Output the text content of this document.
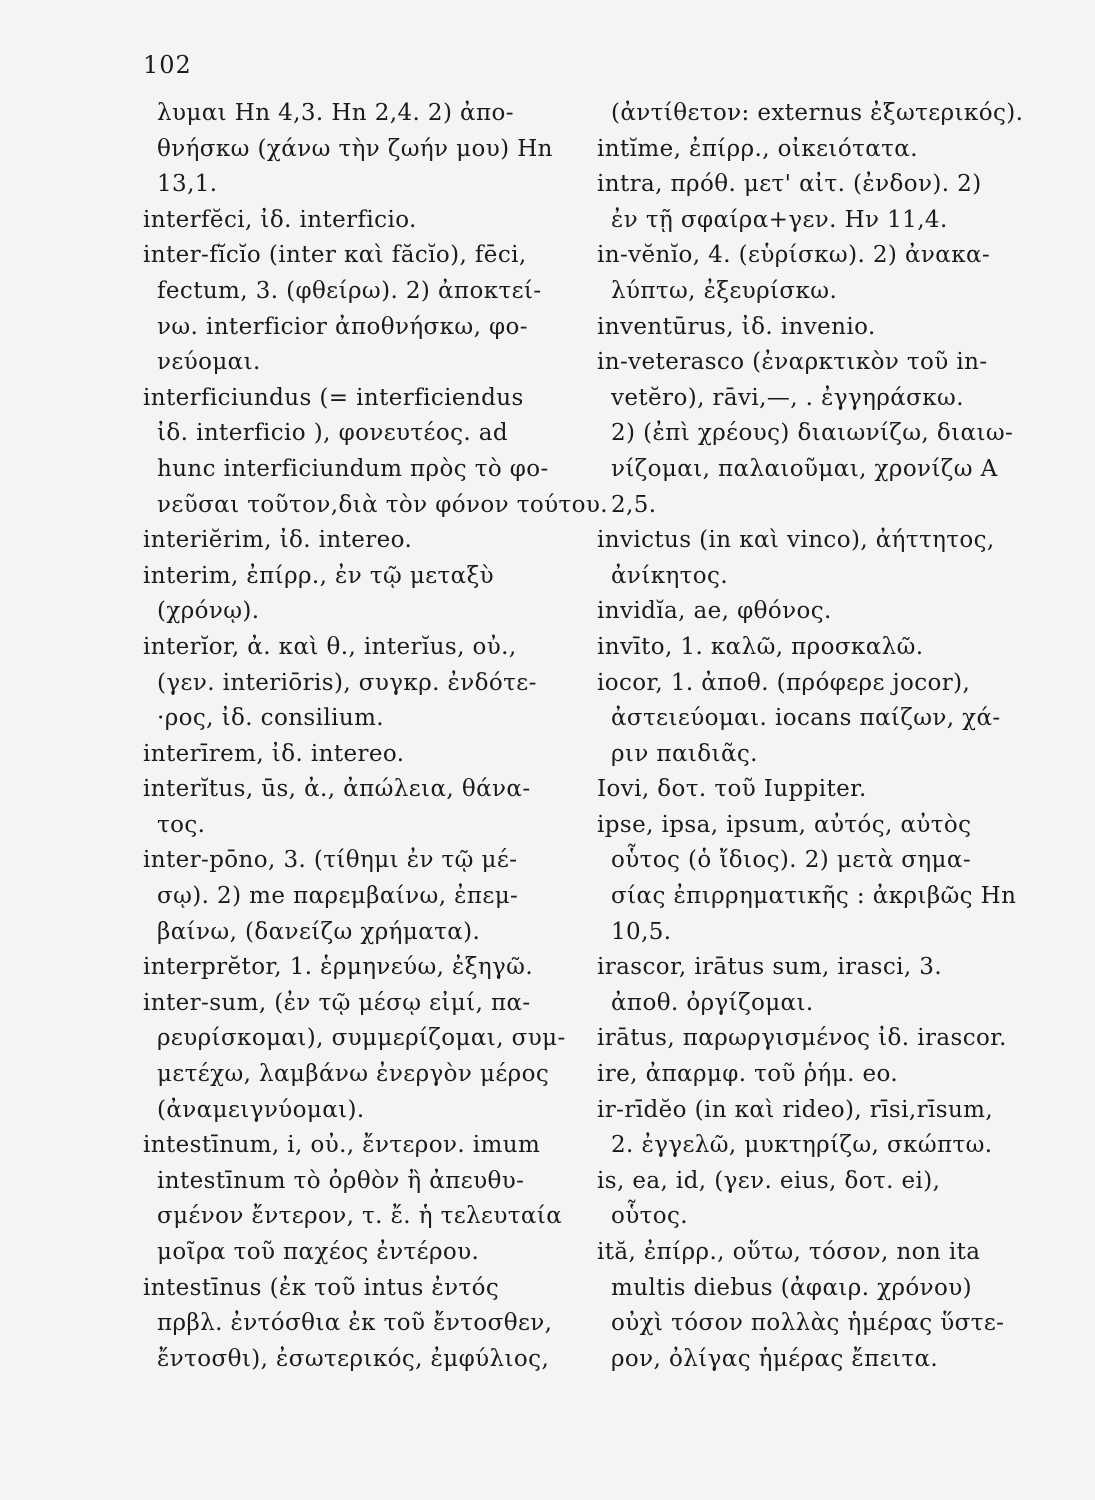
102
λυμαι Hn 4,3. Hn 2,4. 2) ἀπο-
θνήσκω (χάνω τὴν ζωήν μου) Hn
13,1.
interfĕci, ἰδ. interficio.
inter-fĭcĭo (inter καὶ făcĭo), fēci,
fectum, 3. (φθείρω). 2) ἀποκτεί-
νω. interficior ἀποθνήσκω, φο-
νεύομαι.
interficiundus (= interficiendus
ἰδ. interficio ), φονευτέος. ad
hunc interficiundum πρὸς τὸ φο-
νεῦσαι τοῦτον,διὰ τὸν φόνον τούτου.
interiĕrim, ἰδ. intereo.
interim, ἐπίρρ., ἐν τῷ μεταξὺ
(χρόνῳ).
interĭor, ἀ. καὶ θ., interĭus, οὐ.,
(γεν. interiōris), συγκρ. ἐνδότε-
·ρος, ἰδ. consilium.
interīrem, ἰδ. intereo.
interĭtus, ūs, ἀ., ἀπώλεια, θάνα-
τος.
inter-pōno, 3. (τίθημι ἐν τῷ μέ-
σῳ). 2) me παρεμβαίνω, ἐπεμ-
βαίνω, (δανείζω χρήματα).
interprĕtor, 1. ἑρμηνεύω, ἐξηγῶ.
inter-sum, (ἐν τῷ μέσῳ εἰμί, πα-
ρευρίσκομαι), συμμερίζομαι, συμ-
μετέχω, λαμβάνω ἐνεργὸν μέρος
(ἀναμειγνύομαι).
intestīnum, i, οὐ., ἔντερον. imum
intestīnum τὸ ὀρθὸν ἢ ἀπευθυ-
σμένον ἔντερον, τ. ἔ. ἡ τελευταία
μοῖρα τοῦ παχέος ἐντέρου.
intestīnus (ἐκ τοῦ intus ἐντός
πρβλ. ἐντόσθια ἐκ τοῦ ἔντοσθεν,
ἔντοσθι), ἐσωτερικός, ἐμφύλιος,
(ἀντίθετον: externus ἐξωτερικός).
intĭme, ἐπίρρ., οἰκειότατα.
intra, πρόθ. μετ' αἰτ. (ἐνδον). 2)
ἐν τῇ σφαίρα+γεν. Hν 11,4.
in-vĕnĭo, 4. (εὑρίσκω). 2) ἀνακα-
λύπτω, ἐξευρίσκω.
inventūrus, ἰδ. invenio.
in-veterasco (ἐναρκτικὸν τοῦ in-
vetĕro), rāvi,—, . ἐγγηράσκω.
2) (ἐπὶ χρέους) διαιωνίζω, διαιω-
νίζομαι, παλαιοῦμαι, χρονίζω A
2,5.
invictus (in καὶ vinco), ἀήττητος,
ἀνίκητος.
invidĭa, ae, φθόνος.
invīto, 1. καλῶ, προσκαλῶ.
iocor, 1. ἀποθ. (πρόφερε jocor),
ἀστειεύομαι. iocans παίζων, χά-
ριν παιδιᾶς.
Iovi, δοτ. τοῦ Iuppiter.
ipse, ipsa, ipsum, αὐτός, αὐτὸς
οὗτος (ὁ ἴδιος). 2) μετὰ σημα-
σίας ἐπιρρηματικῆς : ἀκριβῶς Hn
10,5.
irascor, irātus sum, irasci, 3.
ἀποθ. ὀργίζομαι.
irātus, παρωργισμένος ἰδ. irascor.
ire, ἀπαρμφ. τοῦ ῥήμ. eo.
ir-rīdĕo (in καὶ rideo), rīsi,rīsum,
2. ἐγγελῶ, μυκτηρίζω, σκώπτω.
is, ea, id, (γεν. eius, δοτ. ei),
οὗτος.
ită, ἐπίρρ., οὕτω, τόσον, non ita
multis diebus (ἀφαιρ. χρόνου)
οὐχὶ τόσον πολλὰς ἡμέρας ὕστε-
ρον, ὀλίγας ἡμέρας ἔπειτα.
